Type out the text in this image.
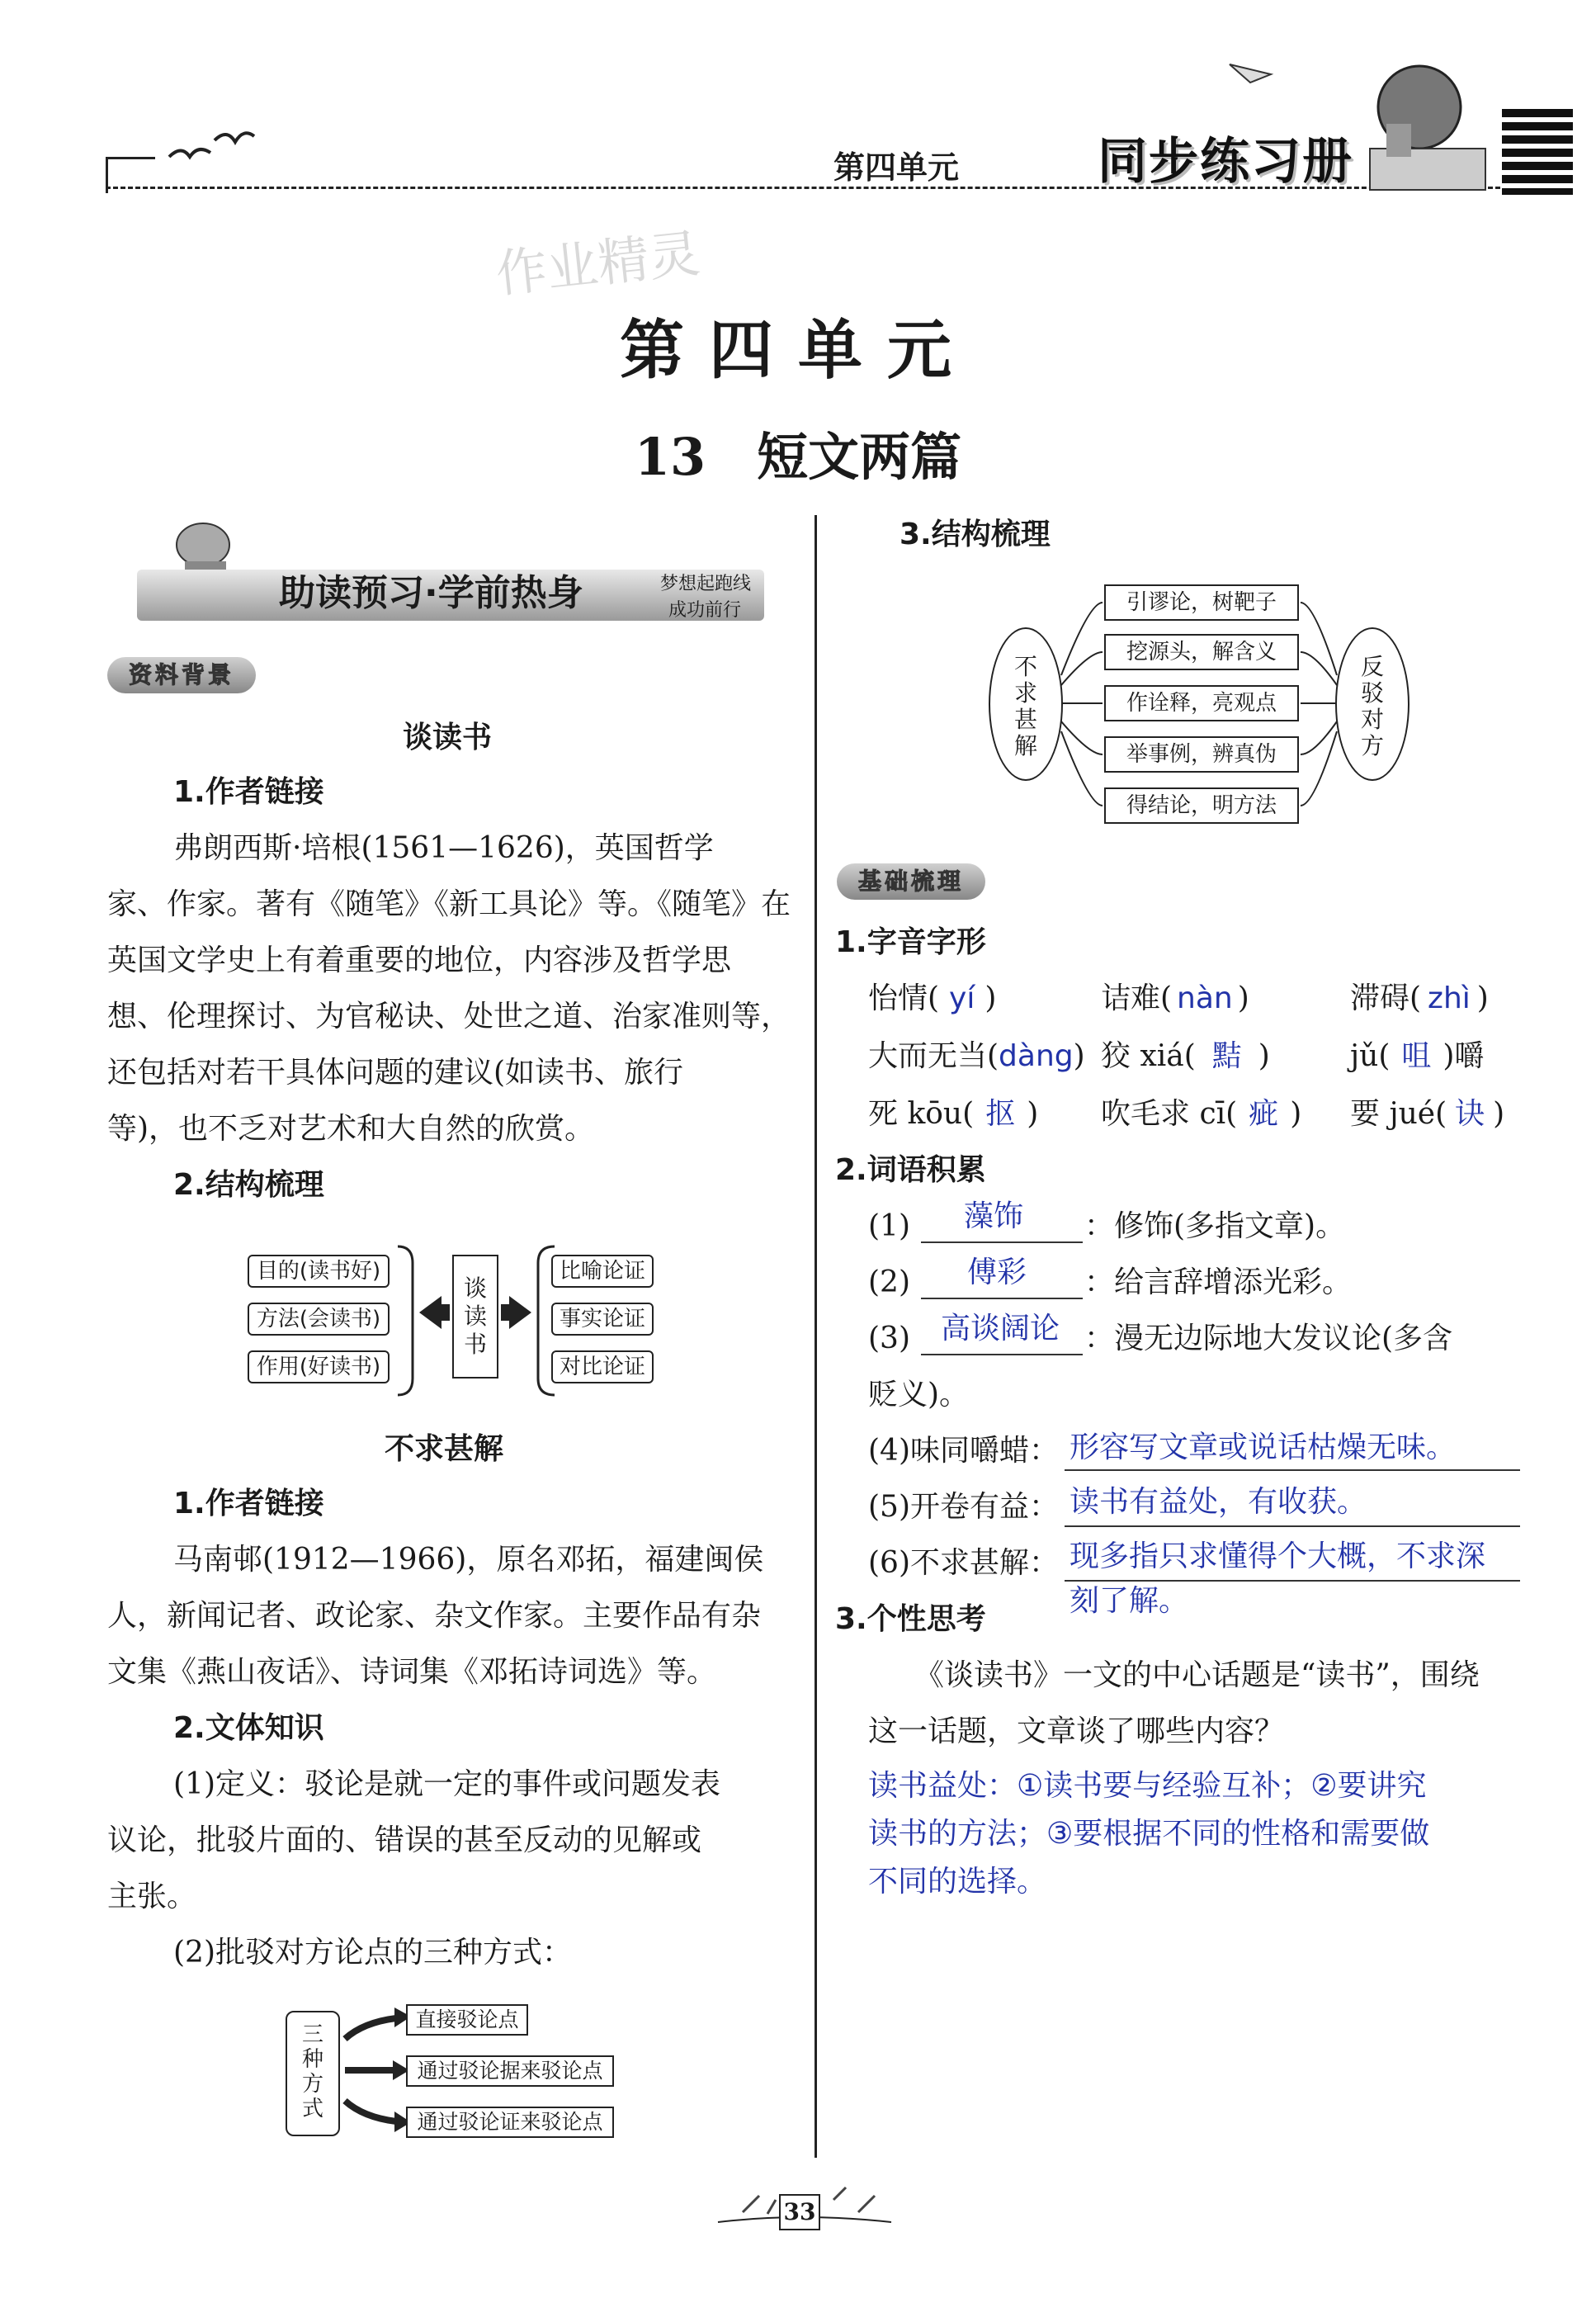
第四单元	同步练习册
作业精灵
第四单元
13　短文两篇
助读预习·学前热身	梦想起跑线
成功前行
资料背景
谈读书
1.作者链接
弗朗西斯·培根(1561—1626)，英国哲学
家、作家。著有《随笔》《新工具论》等。《随笔》在
英国文学史上有着重要的地位，内容涉及哲学思
想、伦理探讨、为官秘诀、处世之道、治家准则等，
还包括对若干具体问题的建议(如读书、旅行
等)，也不乏对艺术和大自然的欣赏。
2.结构梳理
目的(读书好)
方法(会读书)
作用(好读书)
谈读书
比喻论证
事实论证
对比论证
不求甚解
1.作者链接
马南邨(1912—1966)，原名邓拓，福建闽侯
人，新闻记者、政论家、杂文作家。主要作品有杂
文集《燕山夜话》、诗词集《邓拓诗词选》等。
2.文体知识
(1)定义：驳论是就一定的事件或问题发表
议论，批驳片面的、错误的甚至反动的见解或
主张。
(2)批驳对方论点的三种方式：
三种方式
直接驳论点
通过驳论据来驳论点
通过驳论证来驳论点
3.结构梳理
不求甚解
反驳对方
引谬论，树靶子
挖源头，解含义
作诠释，亮观点
举事例，辨真伪
得结论，明方法
基础梳理
1.字音字形
怡情( yí )	诘难( nàn )	滞碍( zhì )
大而无当(dàng) 狡 xiá( 黠 )	jǔ( 咀 )嚼
死 kōu( 抠 ) 吹毛求 cī( 疵 ) 要 jué( 诀 )
2.词语积累
(1) 藻饰 ：修饰(多指文章)。
(2) 傅彩 ：给言辞增添光彩。
(3) 高谈阔论 ：漫无边际地大发议论(多含
贬义)。
(4)味同嚼蜡： 形容写文章或说话枯燥无味。
(5)开卷有益： 读书有益处，有收获。
(6)不求甚解： 现多指只求懂得个大概，不求深
刻了解。
3.个性思考
《谈读书》一文的中心话题是“读书”，围绕
这一话题，文章谈了哪些内容？
读书益处：①读书要与经验互补；②要讲究
读书的方法；③要根据不同的性格和需要做
不同的选择。
33
